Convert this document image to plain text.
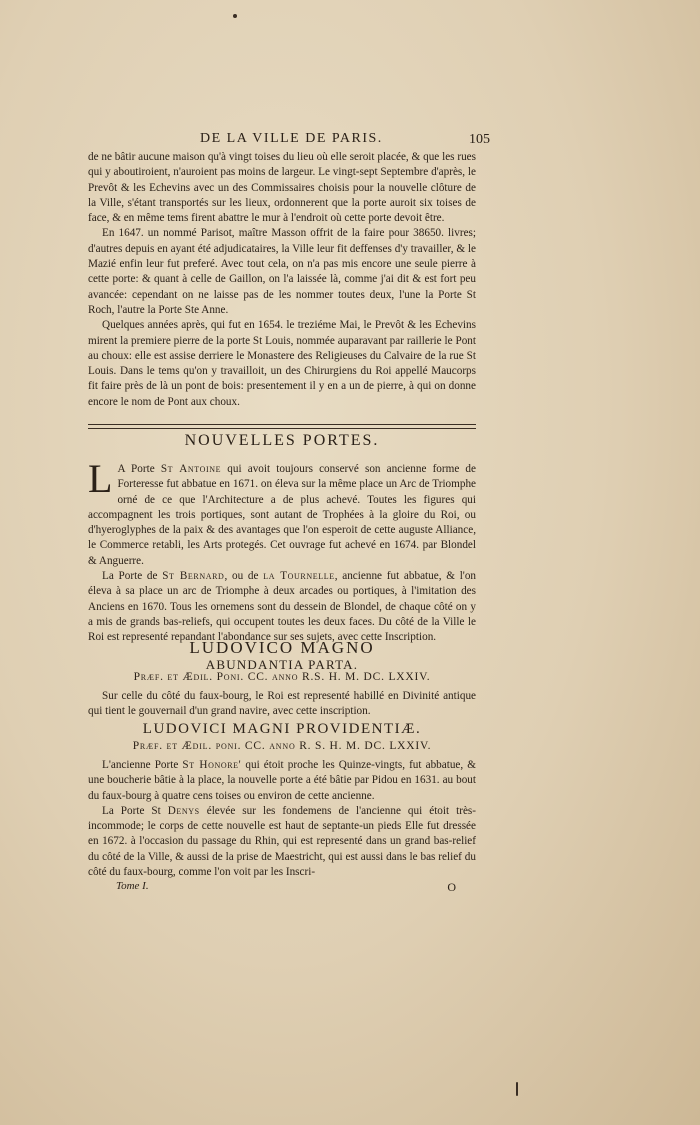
DE LA VILLE DE PARIS.	105

de ne bâtir aucune maison qu'à vingt toises du lieu où elle seroit placée, & que les rues qui y aboutiroient, n'auroient pas moins de largeur. Le vingt-sept Septembre d'après, le Prevôt & les Echevins avec un des Commissaires choisis pour la nouvelle clôture de la Ville, s'étant transportés sur les lieux, ordonnerent que la porte auroit six toises de face, & en même tems firent abattre le mur à l'endroit où cette porte devoit être.

En 1647. un nommé Parisot, maître Masson offrit de la faire pour 38650. livres; d'autres depuis en ayant été adjudicataires, la Ville leur fit deffenses d'y travailler, & le Mazié enfin leur fut preferé. Avec tout cela, on n'a pas mis encore une seule pierre à cette porte: & quant à celle de Gaillon, on l'a laissée là, comme j'ai dit & est fort peu avancée: cependant on ne laisse pas de les nommer toutes deux, l'une la Porte St Roch, l'autre la Porte Ste Anne.

Quelques années après, qui fut en 1654. le treziéme Mai, le Prevôt & les Echevins mirent la premiere pierre de la porte St Louis, nommée auparavant par raillerie le Pont au choux: elle est assise derriere le Monastere des Religieuses du Calvaire de la rue St Louis. Dans le tems qu'on y travailloit, un des Chirurgiens du Roi appellé Maucorps fit faire près de là un pont de bois: presentement il y en a un de pierre, à qui on donne encore le nom de Pont aux choux.

NOUVELLES PORTES.

L A Porte St Antoine qui avoit toujours conservé son ancienne forme de Forteresse fut abbatue en 1671. on éleva sur la même place un Arc de Triomphe orné de ce que l'Architecture a de plus achevé. Toutes les figures qui accompagnent les trois portiques, sont autant de Trophées à la gloire du Roi, ou d'hyeroglyphes de la paix & des avantages que l'on esperoit de cette auguste Alliance, le Commerce retabli, les Arts protegés. Cet ouvrage fut achevé en 1674. par Blondel & Anguerre.

La Porte de St Bernard, ou de la Tournelle, ancienne fut abbatue, & l'on éleva à sa place un arc de Triomphe à deux arcades ou portiques, à l'imitation des Anciens en 1670. Tous les ornemens sont du dessein de Blondel, de chaque côté on y a mis de grands bas-reliefs, qui occupent toutes les deux faces. Du côté de la Ville le Roi est representé repandant l'abondance sur ses sujets, avec cette Inscription.

LUDOVICO MAGNO
ABUNDANTIA PARTA.
Præf. et Ædil. Poni. CC. anno R.S. H. M. DC. LXXIV.

Sur celle du côté du faux-bourg, le Roi est representé habillé en Divinité antique qui tient le gouvernail d'un grand navire, avec cette inscription.

LUDOVICI MAGNI PROVIDENTIÆ.
Præf. et Ædil. poni. CC. anno R. S. H. M. DC. LXXIV.

L'ancienne Porte St Honore' qui étoit proche les Quinze-vingts, fut abbatue, & une boucherie bâtie à la place, la nouvelle porte a été bâtie par Pidou en 1631. au bout du faux-bourg à quatre cens toises ou environ de cette ancienne.

La Porte St Denys élevée sur les fondemens de l'ancienne qui étoit très-incommode; le corps de cette nouvelle est haut de septante-un pieds Elle fut dressée en 1672. à l'occasion du passage du Rhin, qui est representé dans un grand bas-relief du côté de la Ville, & aussi de la prise de Maestricht, qui est aussi dans le bas relief du côté du faux-bourg, comme l'on voit par les Inscri-

Tome I.	O
